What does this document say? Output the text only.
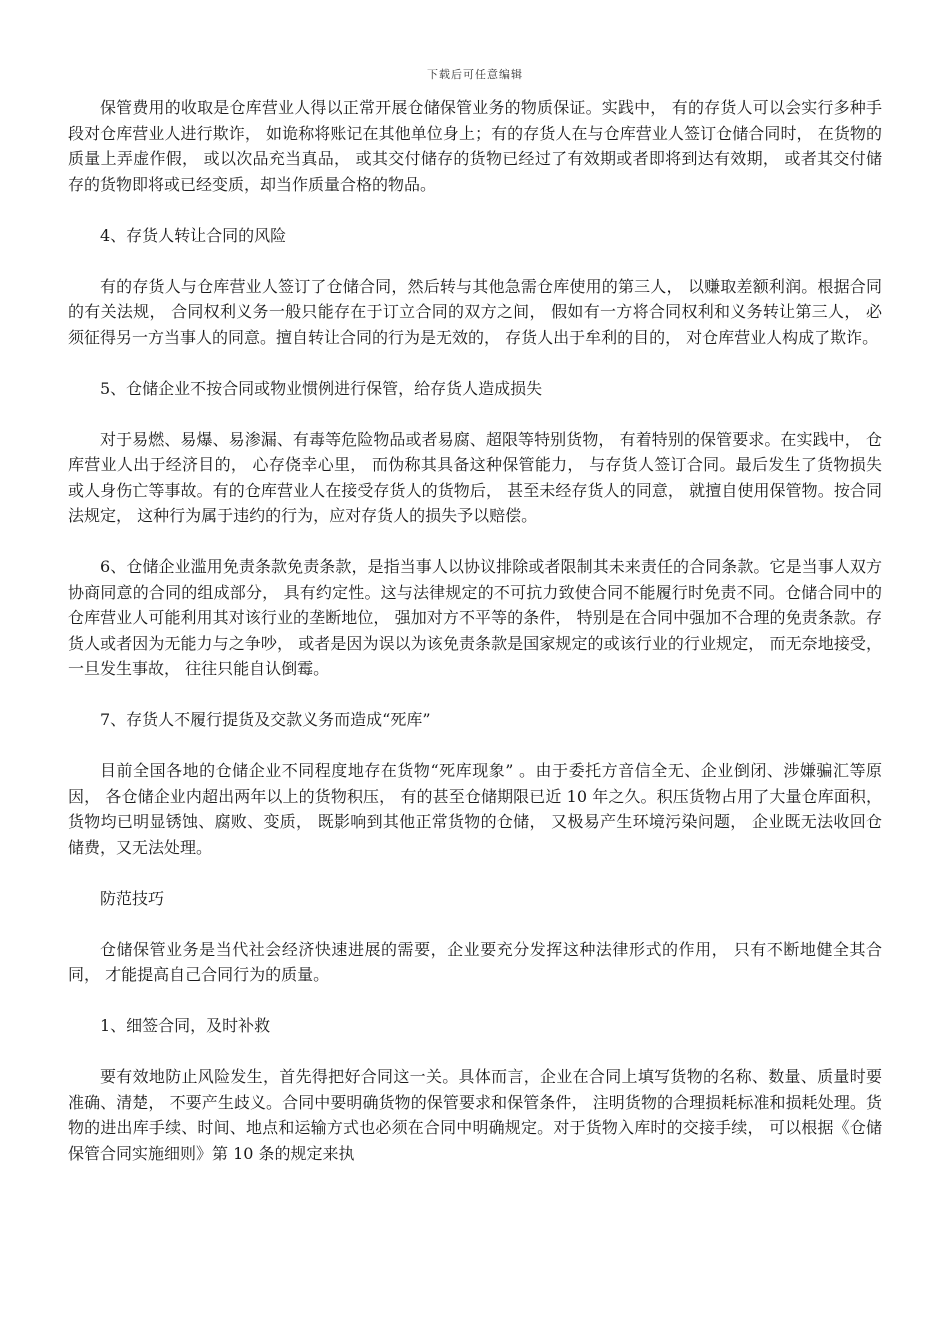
下载后可任意编辑

保管费用的收取是仓库营业人得以正常开展仓储保管业务的物质保证。实践中， 有的存货人可以会实行多种手段对仓库营业人进行欺诈， 如诡称将账记在其他单位身上；有的存货人在与仓库营业人签订仓储合同时， 在货物的质量上弄虚作假， 或以次品充当真品， 或其交付储存的货物已经过了有效期或者即将到达有效期， 或者其交付储存的货物即将或已经变质，却当作质量合格的物品。

4、存货人转让合同的风险

有的存货人与仓库营业人签订了仓储合同，然后转与其他急需仓库使用的第三人， 以赚取差额利润。根据合同的有关法规， 合同权利义务一般只能存在于订立合同的双方之间， 假如有一方将合同权利和义务转让第三人， 必须征得另一方当事人的同意。擅自转让合同的行为是无效的， 存货人出于牟利的目的， 对仓库营业人构成了欺诈。

5、仓储企业不按合同或物业惯例进行保管，给存货人造成损失

对于易燃、易爆、易渗漏、有毒等危险物品或者易腐、超限等特别货物， 有着特别的保管要求。在实践中， 仓库营业人出于经济目的， 心存侥幸心里， 而伪称其具备这种保管能力， 与存货人签订合同。最后发生了货物损失或人身伤亡等事故。有的仓库营业人在接受存货人的货物后， 甚至未经存货人的同意， 就擅自使用保管物。按合同法规定， 这种行为属于违约的行为，应对存货人的损失予以赔偿。

6、仓储企业滥用免责条款免责条款，是指当事人以协议排除或者限制其未来责任的合同条款。它是当事人双方协商同意的合同的组成部分， 具有约定性。这与法律规定的不可抗力致使合同不能履行时免责不同。仓储合同中的仓库营业人可能利用其对该行业的垄断地位， 强加对方不平等的条件， 特别是在合同中强加不合理的免责条款。存货人或者因为无能力与之争吵， 或者是因为误以为该免责条款是国家规定的或该行业的行业规定， 而无奈地接受， 一旦发生事故， 往往只能自认倒霉。

7、存货人不履行提货及交款义务而造成“死库”

目前全国各地的仓储企业不同程度地存在货物“死库现象” 。由于委托方音信全无、企业倒闭、涉嫌骗汇等原因， 各仓储企业内超出两年以上的货物积压， 有的甚至仓储期限已近 10 年之久。积压货物占用了大量仓库面积， 货物均已明显锈蚀、腐败、变质， 既影响到其他正常货物的仓储， 又极易产生环境污染问题， 企业既无法收回仓储费，又无法处理。

防范技巧

仓储保管业务是当代社会经济快速进展的需要，企业要充分发挥这种法律形式的作用， 只有不断地健全其合同， 才能提高自己合同行为的质量。

1、细签合同，及时补救

要有效地防止风险发生，首先得把好合同这一关。具体而言，企业在合同上填写货物的名称、数量、质量时要准确、清楚， 不要产生歧义。合同中要明确货物的保管要求和保管条件， 注明货物的合理损耗标准和损耗处理。货物的进出库手续、时间、地点和运输方式也必须在合同中明确规定。对于货物入库时的交接手续， 可以根据《仓储保管合同实施细则》第 10 条的规定来执
